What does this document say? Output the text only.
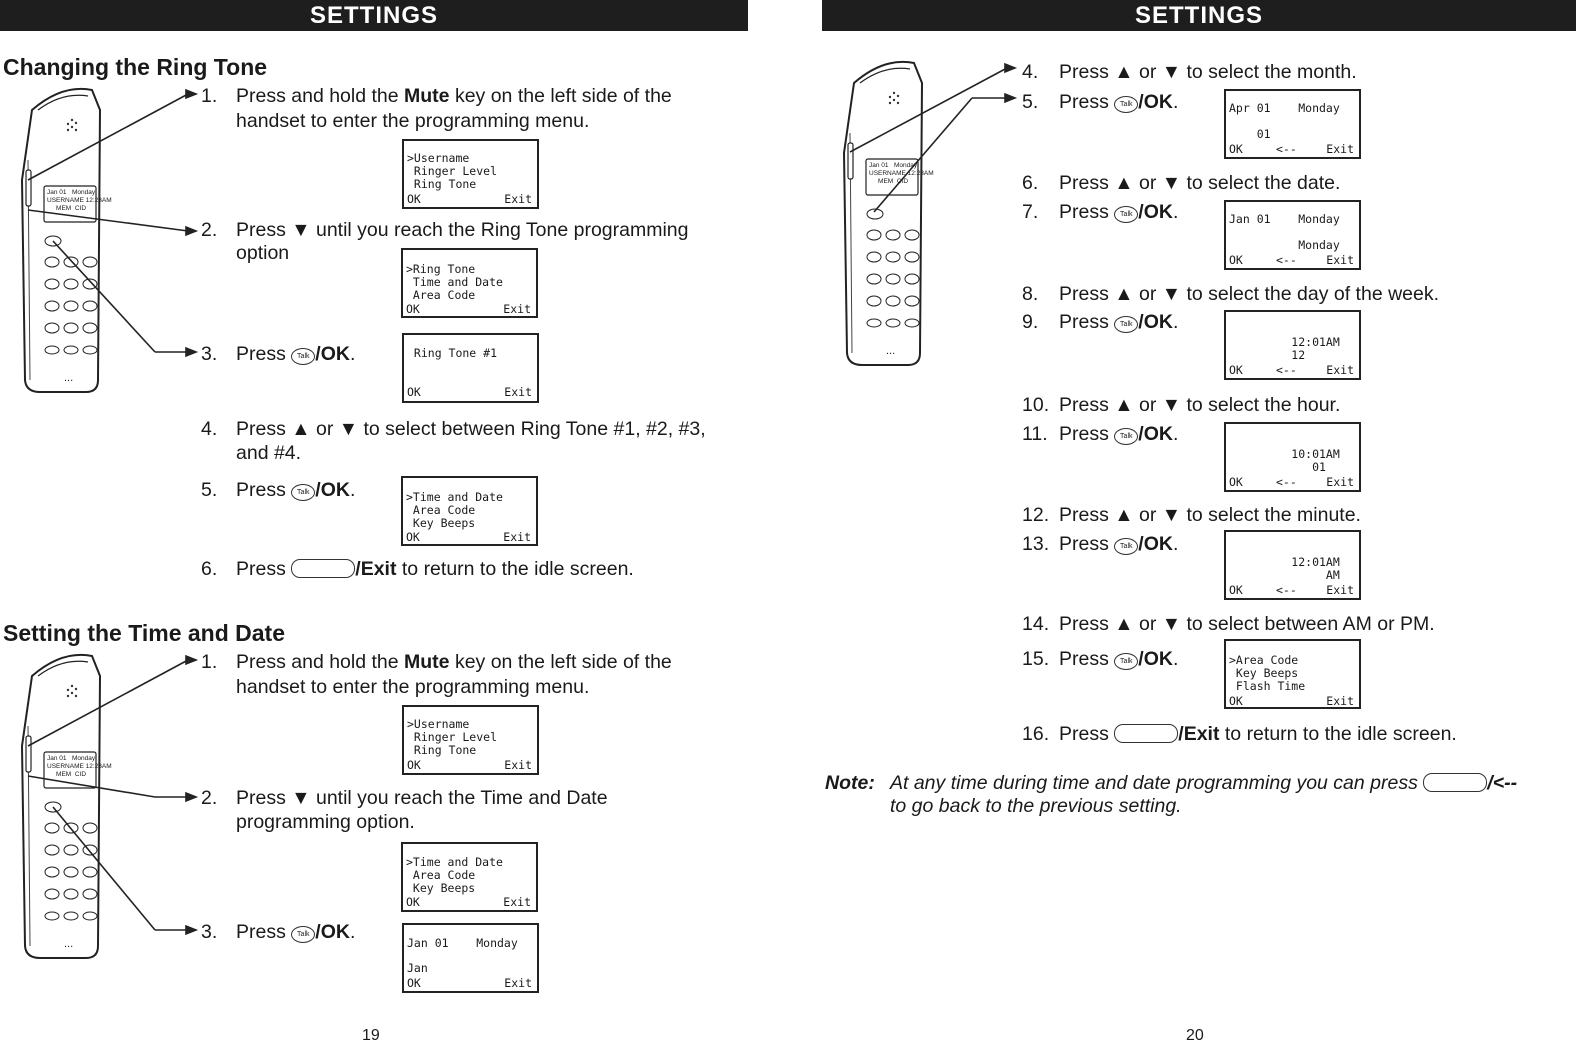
SETTINGS
Changing the Ring Tone
Jan 01 Monday
USERNAME 12:28AM
MEM CID
...
Jan 01 Monday
USERNAME 12:28AM
MEM CID
...
1. Press and hold the Mute key on the left side of the
handset to enter the programming menu.
2. Press ▼ until you reach the Ring Tone programming
option
3. Press Talk /OK.
4. Press ▲ or ▼ to select between Ring Tone #1, #2, #3,
and #4.
5. Press Talk /OK.
6. Press	/Exit to return to the idle screen.
>Username
Ringer Level
Ring Tone
OK	Exit
>Ring Tone
Time and Date
Area Code
OK	Exit
Ring Tone #1
OK	Exit
>Time and Date
Area Code
Key Beeps
OK	Exit
Setting the Time and Date
1. Press and hold the Mute key on the left side of the
handset to enter the programming menu.
2. Press ▼ until you reach the Time and Date
programming option.
3. Press Talk /OK.
>Username
Ringer Level
Ring Tone
OK	Exit
>Time and Date
Area Code
Key Beeps
OK	Exit
Jan 01    Monday
Jan
OK	Exit
19
SETTINGS
Jan 01 Monday
USERNAME 12:28AM
MEM CID
...
4. Press ▲ or ▼ to select the month.
5. Press Talk /OK.
6. Press ▲ or ▼ to select the date.
7. Press Talk /OK.
8. Press ▲ or ▼ to select the day of the week.
9. Press Talk /OK.
10. Press ▲ or ▼ to select the hour.
11. Press Talk /OK.
12. Press ▲ or ▼ to select the minute.
13. Press Talk /OK.
14. Press ▲ or ▼ to select between AM or PM.
15. Press Talk /OK.
16. Press	/Exit to return to the idle screen.
Apr 01    Monday
01
OK	<--	Exit
Jan 01    Monday
Monday
OK	<--	Exit
12:01AM
12
OK	<--	Exit
10:01AM
01
OK	<--	Exit
12:01AM
AM
OK	<--	Exit
>Area Code
Key Beeps
Flash Time
OK	Exit
Note: At any time during time and date programming you can press	/<--
to go back to the previous setting.
20
